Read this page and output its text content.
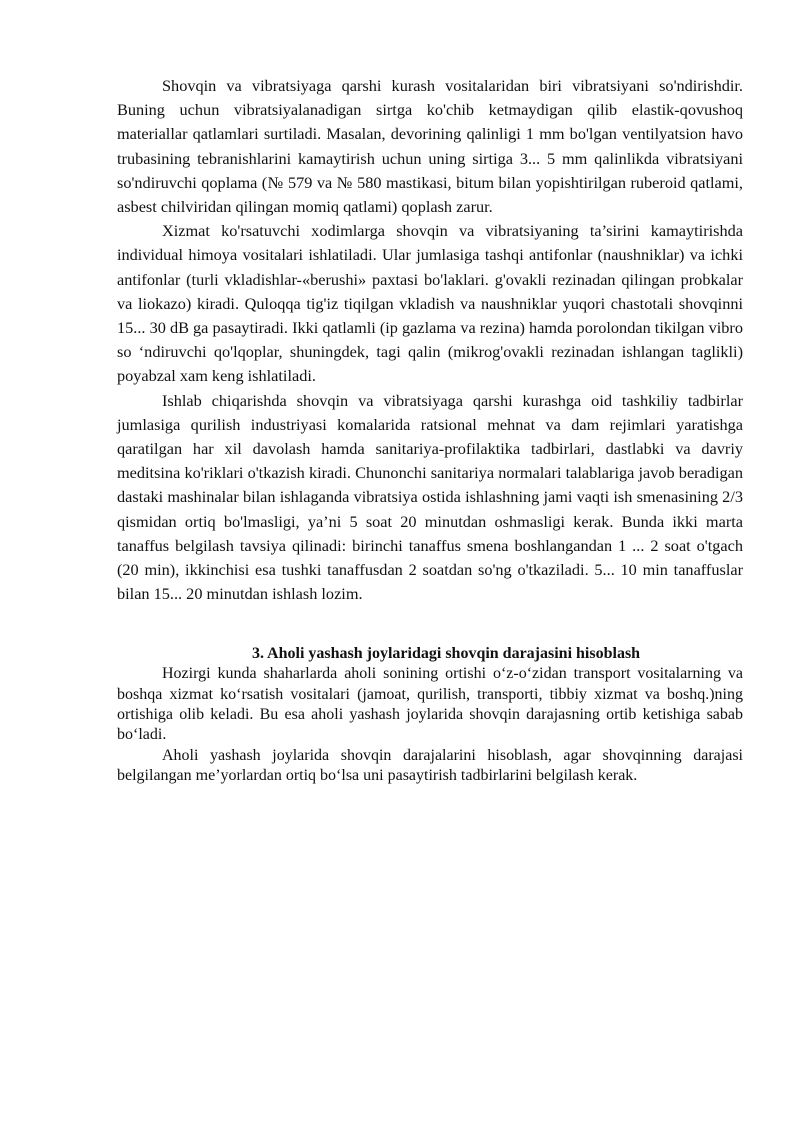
Shovqin va vibratsiyaga qarshi kurash vositalaridan biri vibratsiyani so'ndirishdir. Buning uchun vibratsiyalanadigan sirtga ko'chib ketmaydigan qilib elastik-qovushoq materiallar qatlamlari surtiladi. Masalan, devorining qalinligi 1 mm bo'lgan ventilyatsion havo trubasining tebranishlarini kamaytirish uchun uning sirtiga 3... 5 mm qalinlikda vibratsiyani so'ndiruvchi qoplama (№ 579 va № 580 mastikasi, bitum bilan yopishtirilgan ruberoid qatlami, asbest chilviridan qilingan momiq qatlami) qoplash zarur.

Xizmat ko'rsatuvchi xodimlarga shovqin va vibratsiyaning ta’sirini kamaytirishda individual himoya vositalari ishlatiladi. Ular jumlasiga tashqi antifonlar (naushniklar) va ichki antifonlar (turli vkladishlar-«berushi» paxtasi bo'laklari. g'ovakli rezinadan qilingan probkalar va liokazo) kiradi. Quloqqa tig'iz tiqilgan vkladish va naushniklar yuqori chastotali shovqinni 15... 30 dB ga pasaytiradi. Ikki qatlamli (ip gazlama va rezina) hamda porolondan tikilgan vibro so ‘ndiruvchi qo'lqoplar, shuningdek, tagi qalin (mikrog'ovakli rezinadan ishlangan taglikli) poyabzal xam keng ishlatiladi.

Ishlab chiqarishda shovqin va vibratsiyaga qarshi kurashga oid tashkiliy tadbirlar jumlasiga qurilish industriyasi komalarida ratsional mehnat va dam rejimlari yaratishga qaratilgan har xil davolash hamda sanitariya-profilaktika tadbirlari, dastlabki va davriy meditsina ko'riklari o'tkazish kiradi. Chunonchi sanitariya normalari talablariga javob beradigan dastaki mashinalar bilan ishlaganda vibratsiya ostida ishlashning jami vaqti ish smenasining 2/3 qismidan ortiq bo'lmasligi, ya’ni 5 soat 20 minutdan oshmasligi kerak. Bunda ikki marta tanaffus belgilash tavsiya qilinadi: birinchi tanaffus smena boshlangandan 1 ... 2 soat o'tgach (20 min), ikkinchisi esa tushki tanaffusdan 2 soatdan so'ng o'tkaziladi. 5... 10 min tanaffuslar bilan 15... 20 minutdan ishlash lozim.

3. Aholi yashash joylaridagi shovqin darajasini hisoblash

Hozirgi kunda shaharlarda aholi sonining ortishi o‘z-o‘zidan transport vositalarning va boshqa xizmat ko‘rsatish vositalari (jamoat, qurilish, transporti, tibbiy xizmat va boshq.)ning ortishiga olib keladi. Bu esa aholi yashash joylarida shovqin darajasning ortib ketishiga sabab bo‘ladi.

Aholi yashash joylarida shovqin darajalarini hisoblash, agar shovqinning darajasi belgilangan me’yorlardan ortiq bo‘lsa uni pasaytirish tadbirlarini belgilash kerak.
